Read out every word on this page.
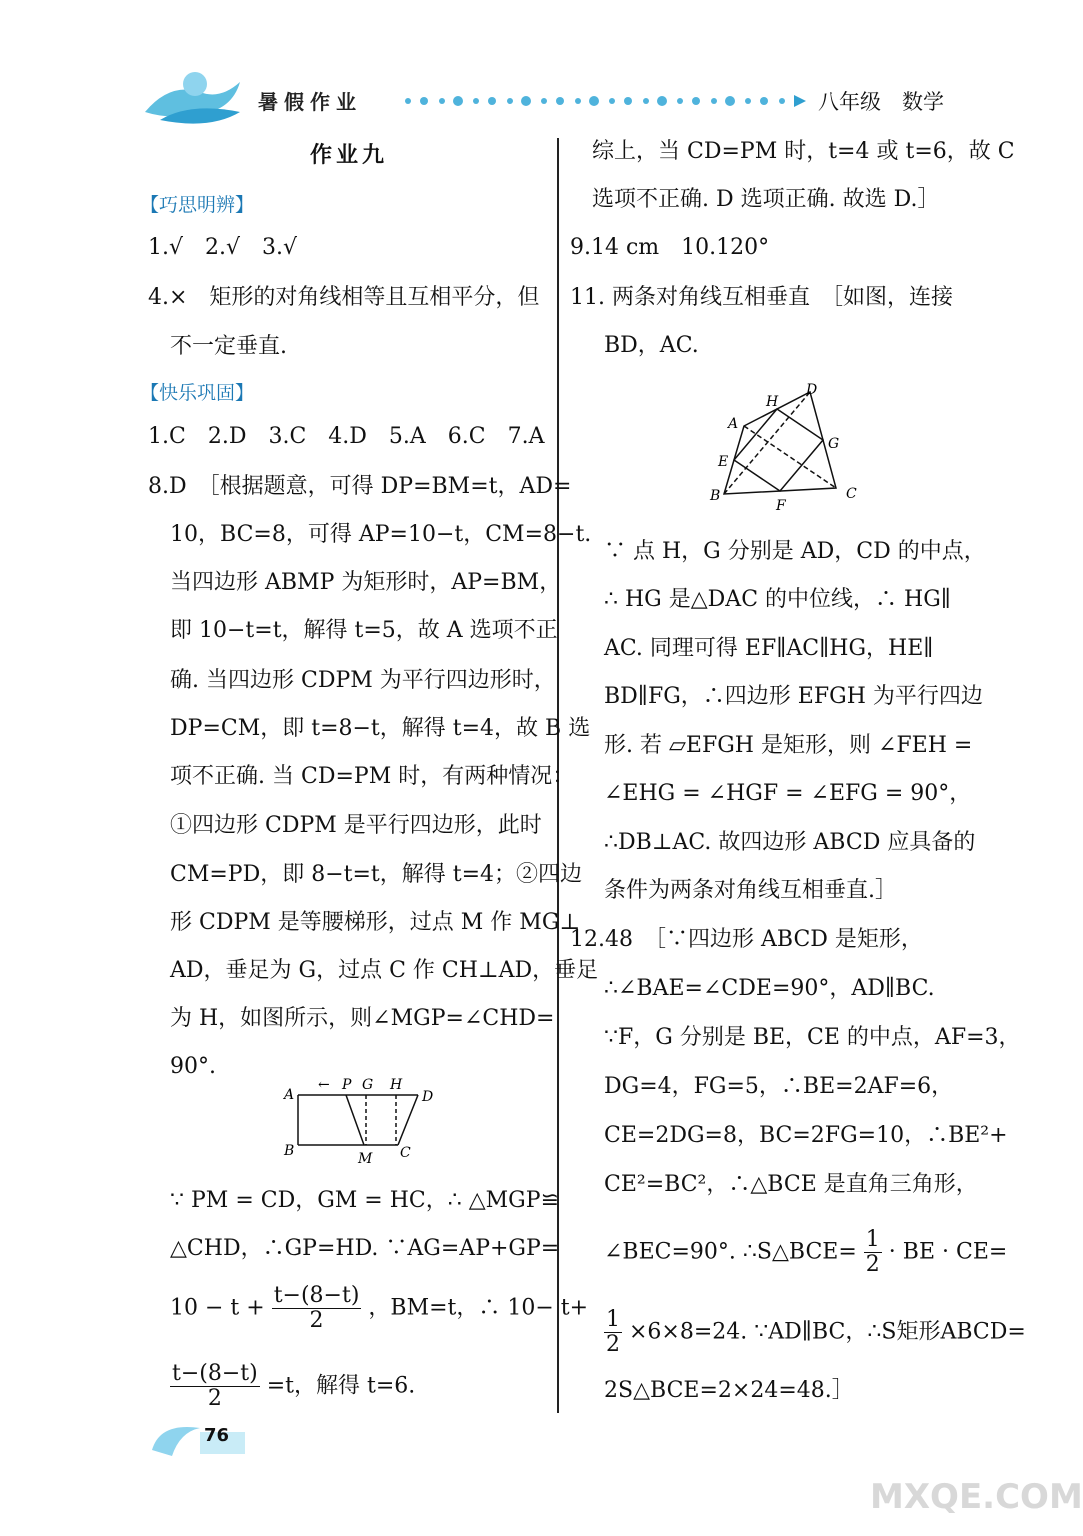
暑假作业	八年级　数学
作业九
【巧思明辨】
1.√　2.√　3.√
4.×　矩形的对角线相等且互相平分，但
不一定垂直.
【快乐巩固】
1.C　2.D　3.C　4.D　5.A　6.C　7.A
8.D　［根据题意，可得 DP=BM=t，AD=
10，BC=8，可得 AP=10−t，CM=8−t.
当四边形 ABMP 为矩形时，AP=BM，
即 10−t=t，解得 t=5，故 A 选项不正
确. 当四边形 CDPM 为平行四边形时，
DP=CM，即 t=8−t，解得 t=4，故 B 选
项不正确. 当 CD=PM 时，有两种情况：
①四边形 CDPM 是平行四边形，此时
CM=PD，即 8−t=t，解得 t=4；②四边
形 CDPM 是等腰梯形，过点 M 作 MG⊥
AD，垂足为 G，过点 C 作 CH⊥AD，垂足
为 H，如图所示，则∠MGP=∠CHD=
90°.
←
A
P G H
D
B	M C
∵ PM = CD，GM = HC，∴ △MGP≌
△CHD，∴GP=HD. ∵AG=AP+GP=
$10 - t + \frac{t-(8-t)}{2}$ ，BM=t，∴ 10− t+
$\frac{t-(8-t)}{2} =t$，解得 t=6.
76
综上，当 CD=PM 时，t=4 或 t=6，故 C
选项不正确. D 选项正确. 故选 D.］
9.14 cm　10.120°
11. 两条对角线互相垂直　［如图，连接
BD，AC.
D
H
A
G
E
B
F
C
∵ 点 H，G 分别是 AD，CD 的中点，
∴ HG 是△DAC 的中位线，∴ HG∥
AC. 同理可得 EF∥AC∥HG，HE∥
BD∥FG，∴四边形 EFGH 为平行四边
形. 若 ▱EFGH 是矩形，则 ∠FEH =
∠EHG = ∠HGF = ∠EFG = 90°，
∴DB⊥AC. 故四边形 ABCD 应具备的
条件为两条对角线互相垂直.］
12.48　［∵四边形 ABCD 是矩形，
∴∠BAE=∠CDE=90°，AD∥BC.
∵F，G 分别是 BE，CE 的中点，AF=3，
DG=4，FG=5，∴BE=2AF=6，
CE=2DG=8，BC=2FG=10，∴BE²+
CE²=BC²，∴△BCE 是直角三角形，
∠BEC=90°. ∴S△BCE= $\frac{1}{2}$ · BE · CE=
$\frac{1}{2} \times 6\times 8=24$. ∵AD∥BC，∴S矩形ABCD=
2S△BCE=2×24=48.］
MXQE.COM
